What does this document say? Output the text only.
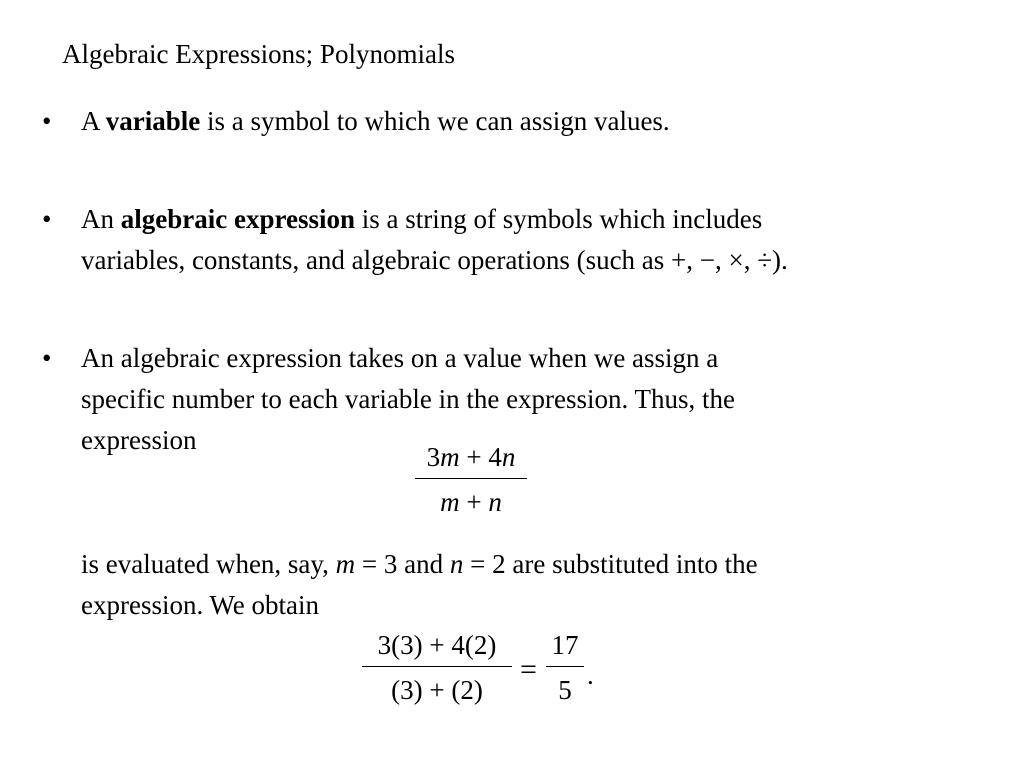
Algebraic Expressions; Polynomials
•	A variable is a symbol to which we can assign values.
•	An algebraic expression is a string of symbols which includes
variables, constants, and algebraic operations (such as +, −, ×, ÷).
•	An algebraic expression takes on a value when we assign a
specific number to each variable in the expression. Thus, the
expression
3m + 4n
m + n
is evaluated when, say, m = 3 and n = 2 are substituted into the
expression. We obtain
3(3) + 4(2)
(3) + (2)
=
17
5 .
